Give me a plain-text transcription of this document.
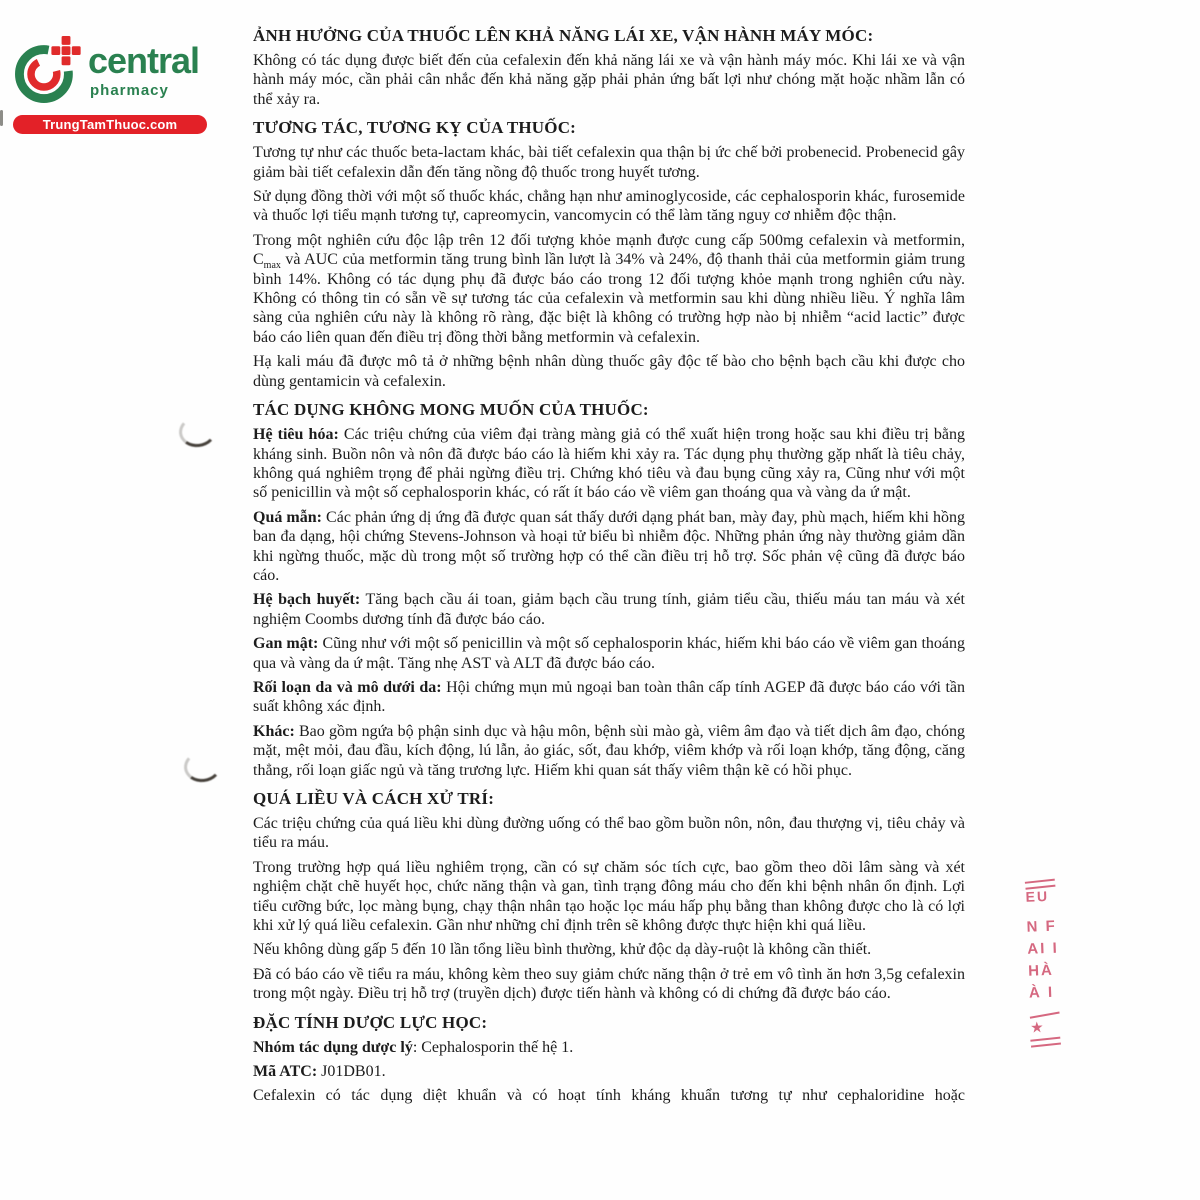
central
pharmacy
TrungTamThuoc.com
EU
N F
AI I
HÀ
À I
★
ẢNH HƯỞNG CỦA THUỐC LÊN KHẢ NĂNG LÁI XE, VẬN HÀNH MÁY MÓC:

Không có tác dụng được biết đến của cefalexin đến khả năng lái xe và vận hành máy móc. Khi lái xe và vận hành máy móc, cần phải cân nhắc đến khả năng gặp phải phản ứng bất lợi như chóng mặt hoặc nhầm lẫn có thể xảy ra.

TƯƠNG TÁC, TƯƠNG KỴ CỦA THUỐC:

Tương tự như các thuốc beta-lactam khác, bài tiết cefalexin qua thận bị ức chế bởi probenecid. Probenecid gây giảm bài tiết cefalexin dẫn đến tăng nồng độ thuốc trong huyết tương.

Sử dụng đồng thời với một số thuốc khác, chẳng hạn như aminoglycoside, các cephalosporin khác, furosemide và thuốc lợi tiểu mạnh tương tự, capreomycin, vancomycin có thể làm tăng nguy cơ nhiễm độc thận.

Trong một nghiên cứu độc lập trên 12 đối tượng khỏe mạnh được cung cấp 500mg cefalexin và metformin, $C_{max}$ và AUC của metformin tăng trung bình lần lượt là 34% và 24%, độ thanh thải của metformin giảm trung bình 14%. Không có tác dụng phụ đã được báo cáo trong 12 đối tượng khỏe mạnh trong nghiên cứu này. Không có thông tin có sẵn về sự tương tác của cefalexin và metformin sau khi dùng nhiều liều. Ý nghĩa lâm sàng của nghiên cứu này là không rõ ràng, đặc biệt là không có trường hợp nào bị nhiễm “acid lactic” được báo cáo liên quan đến điều trị đồng thời bằng metformin và cefalexin.

Hạ kali máu đã được mô tả ở những bệnh nhân dùng thuốc gây độc tế bào cho bệnh bạch cầu khi được cho dùng gentamicin và cefalexin.

TÁC DỤNG KHÔNG MONG MUỐN CỦA THUỐC:

Hệ tiêu hóa: Các triệu chứng của viêm đại tràng màng giả có thể xuất hiện trong hoặc sau khi điều trị bằng kháng sinh. Buồn nôn và nôn đã được báo cáo là hiếm khi xảy ra. Tác dụng phụ thường gặp nhất là tiêu chảy, không quá nghiêm trọng để phải ngừng điều trị. Chứng khó tiêu và đau bụng cũng xảy ra, Cũng như với một số penicillin và một số cephalosporin khác, có rất ít báo cáo về viêm gan thoáng qua và vàng da ứ mật.

Quá mẫn: Các phản ứng dị ứng đã được quan sát thấy dưới dạng phát ban, mày đay, phù mạch, hiếm khi hồng ban đa dạng, hội chứng Stevens-Johnson và hoại tử biểu bì nhiễm độc. Những phản ứng này thường giảm dần khi ngừng thuốc, mặc dù trong một số trường hợp có thể cần điều trị hỗ trợ. Sốc phản vệ cũng đã được báo cáo.

Hệ bạch huyết: Tăng bạch cầu ái toan, giảm bạch cầu trung tính, giảm tiểu cầu, thiếu máu tan máu và xét nghiệm Coombs dương tính đã được báo cáo.

Gan mật: Cũng như với một số penicillin và một số cephalosporin khác, hiếm khi báo cáo về viêm gan thoáng qua và vàng da ứ mật. Tăng nhẹ AST và ALT đã được báo cáo.

Rối loạn da và mô dưới da: Hội chứng mụn mủ ngoại ban toàn thân cấp tính AGEP đã được báo cáo với tần suất không xác định.

Khác: Bao gồm ngứa bộ phận sinh dục và hậu môn, bệnh sùi mào gà, viêm âm đạo và tiết dịch âm đạo, chóng mặt, mệt mỏi, đau đầu, kích động, lú lẫn, ảo giác, sốt, đau khớp, viêm khớp và rối loạn khớp, tăng động, căng thẳng, rối loạn giấc ngủ và tăng trương lực. Hiếm khi quan sát thấy viêm thận kẽ có hồi phục.

QUÁ LIỀU VÀ CÁCH XỬ TRÍ:

Các triệu chứng của quá liều khi dùng đường uống có thể bao gồm buồn nôn, nôn, đau thượng vị, tiêu chảy và tiểu ra máu.

Trong trường hợp quá liều nghiêm trọng, cần có sự chăm sóc tích cực, bao gồm theo dõi lâm sàng và xét nghiệm chặt chẽ huyết học, chức năng thận và gan, tình trạng đông máu cho đến khi bệnh nhân ổn định. Lợi tiểu cưỡng bức, lọc màng bụng, chạy thận nhân tạo hoặc lọc máu hấp phụ bằng than không được cho là có lợi khi xử lý quá liều cefalexin. Gần như những chỉ định trên sẽ không được thực hiện khi quá liều.

Nếu không dùng gấp 5 đến 10 lần tổng liều bình thường, khử độc dạ dày-ruột là không cần thiết.

Đã có báo cáo về tiểu ra máu, không kèm theo suy giảm chức năng thận ở trẻ em vô tình ăn hơn 3,5g cefalexin trong một ngày. Điều trị hỗ trợ (truyền dịch) được tiến hành và không có di chứng đã được báo cáo.

ĐẶC TÍNH DƯỢC LỰC HỌC:

Nhóm tác dụng dược lý: Cephalosporin thế hệ 1.

Mã ATC: J01DB01.

Cefalexin có tác dụng diệt khuẩn và có hoạt tính kháng khuẩn tương tự như cephaloridine hoặc
